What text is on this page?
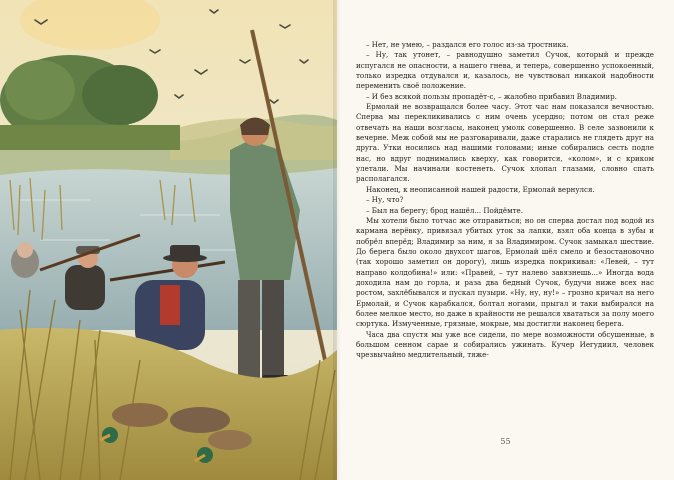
– Нет, не умею, – раздался его голос из-за тростника.

– Ну, так утонет, – равнодушно заметил Сучок, который и прежде испугался не опасности, а нашего гнева, и теперь, совершенно успокоенный, только изредка отдувался и, казалось, не чувствовал никакой надобности переменить своё положение.

– И без всякой пользы пропадёт-с, – жалобно прибавил Владимир.

Ермолай не возвращался более часу. Этот час нам показался вечностью. Сперва мы перекликивались с ним очень усердно; потом он стал реже отвечать на наши возгласы, наконец умолк совершенно. В селе зазвонили к вечерне. Меж собой мы не разговаривали, даже старались не глядеть друг на друга. Утки носились над нашими головами; иные собирались сесть подле нас, но вдруг поднимались кверху, как говорится, «колом», и с криком улетали. Мы начинали костенеть. Сучок хлопал глазами, словно спать располагался.

Наконец, к неописанной нашей радости, Ермолай вернулся.

– Ну, что?

– Был на берегу; брод нашёл... Пойдёмте.

Мы хотели было тотчас же отправиться; но он сперва достал под водой из кармана верёвку, привязал убитых уток за лапки, взял оба конца в зубы и побрёл вперёд; Владимир за ним, я за Владимиром. Сучок замыкал шествие. До берега было около двухсот шагов, Ермолай шёл смело и безостановочно (так хорошо заметил он дорогу), лишь изредка покрикивая: «Левей, – тут направо колдобина!» или: «Правей, – тут налево завязнешь...» Иногда вода доходила нам до горла, и раза два бедный Сучок, будучи ниже всех нас ростом, захлёбывался и пускал пузыри. «Ну, ну, ну!» – грозно кричал на него Ермолай, и Сучок карабкался, болтал ногами, прыгал и таки выбирался на более мелкое место, но даже в крайности не решался хвататься за полу моего сюртука. Измученные, грязные, мокрые, мы достигли наконец берега.

Часа два спустя мы уже все сидели, по мере возможности обсушенные, в большом сенном сарае и собирались ужинать. Кучер Иегудиил, человек чрезвычайно медлительный, тяже-

55
